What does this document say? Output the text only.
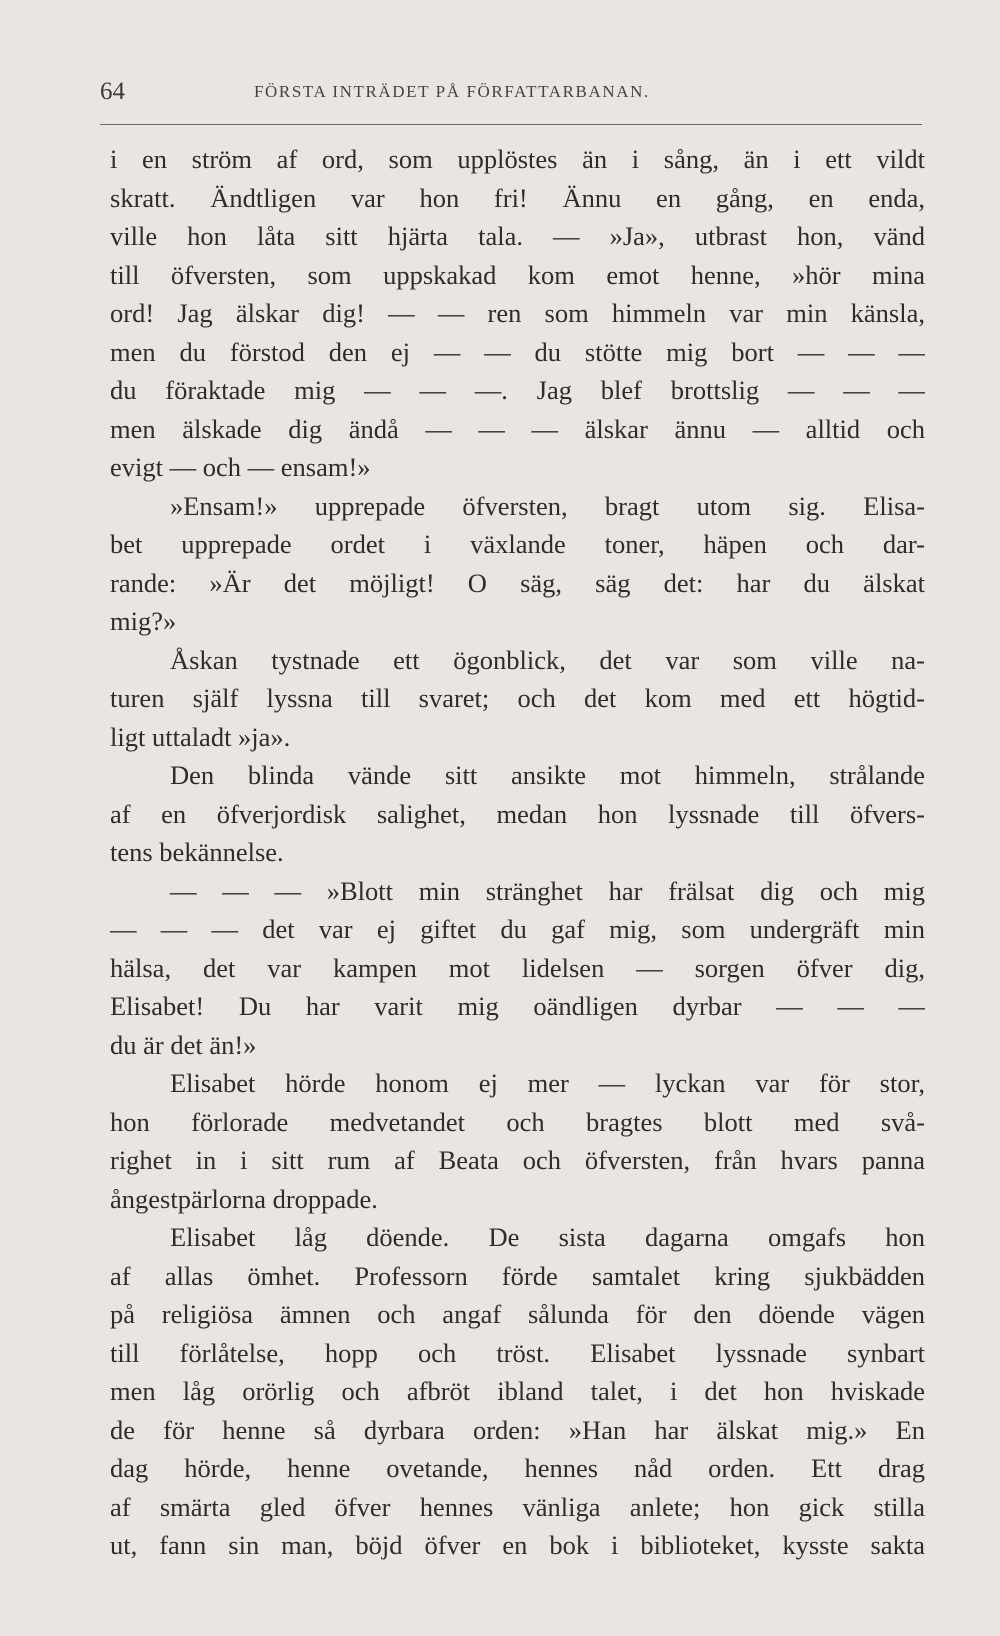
64	FÖRSTA INTRÄDET PÅ FÖRFATTARBANAN.
i en ström af ord, som upplöstes än i sång, än i ett vildt
skratt. Ändtligen var hon fri! Ännu en gång, en enda,
ville hon låta sitt hjärta tala. — »Ja», utbrast hon, vänd
till öfversten, som uppskakad kom emot henne, »hör mina
ord! Jag älskar dig! — — ren som himmeln var min känsla,
men du förstod den ej — — du stötte mig bort — — —
du föraktade mig — — —. Jag blef brottslig — — —
men älskade dig ändå — — — älskar ännu — alltid och
evigt — och — ensam!»
»Ensam!» upprepade öfversten, bragt utom sig. Elisa-
bet upprepade ordet i växlande toner, häpen och dar-
rande: »Är det möjligt! O säg, säg det: har du älskat
mig?»
Åskan tystnade ett ögonblick, det var som ville na-
turen själf lyssna till svaret; och det kom med ett högtid-
ligt uttaladt »ja».
Den blinda vände sitt ansikte mot himmeln, strålande
af en öfverjordisk salighet, medan hon lyssnade till öfvers-
tens bekännelse.
— — — »Blott min stränghet har frälsat dig och mig
— — — det var ej giftet du gaf mig, som undergräft min
hälsa, det var kampen mot lidelsen — sorgen öfver dig,
Elisabet! Du har varit mig oändligen dyrbar — — —
du är det än!»
Elisabet hörde honom ej mer — lyckan var för stor,
hon förlorade medvetandet och bragtes blott med svå-
righet in i sitt rum af Beata och öfversten, från hvars panna
ångestpärlorna droppade.
Elisabet låg döende. De sista dagarna omgafs hon
af allas ömhet. Professorn förde samtalet kring sjukbädden
på religiösa ämnen och angaf sålunda för den döende vägen
till förlåtelse, hopp och tröst. Elisabet lyssnade synbart
men låg orörlig och afbröt ibland talet, i det hon hviskade
de för henne så dyrbara orden: »Han har älskat mig.» En
dag hörde, henne ovetande, hennes nåd orden. Ett drag
af smärta gled öfver hennes vänliga anlete; hon gick stilla
ut, fann sin man, böjd öfver en bok i biblioteket, kysste sakta
